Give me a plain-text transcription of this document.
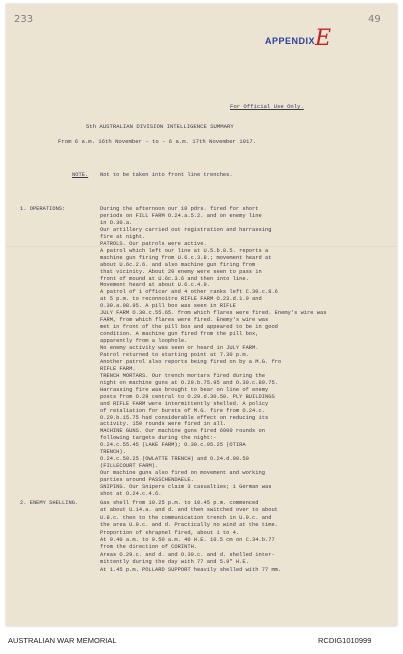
233	49
APPENDIX E
For Official Use Only.
5th AUSTRALIAN DIVISION INTELLIGENCE SUMMARY
From 6 a.m. 16th November - to - 6 a.m. 17th November 1917.
NOTE. Not to be taken into front line trenches.
1. OPERATIONS:	During the afternoon our 18 pdrs. fired for short
periods on FILL FARM O.24.a.5.2. and on enemy line
in O.30.a.
Our artillery carried out registration and harrassing
fire at night.
PATROLS. Our patrols were active.
A patrol which left our line at U.5.b.8.5. reports a
machine gun firing from U.6.c.3.8.; movement heard at
about U.6c.2.6. and also machine gun firing from
that vicinity. About 20 enemy were seen to pass in
front of mound at U.6c.3.6 and then into line.
Movement heard at about U.6.c.4.9.
A patrol of 1 officer and 4 other ranks left C.30.c.8.6
at 5 p.m. to reconnoitre RIFLE FARM O.23.d.1.9 and
O.30.a.08.95. A pill box was seen in RIFLE
JULY FARM O.30.c.55.65. from which flares were fired. Enemy's wire was
FARM, from which flares were fired. Enemy's wire was
met in front of the pill box and appeared to be in good
condition. A machine gun fired from the pill box,
apparently from a loophole.
No enemy activity was seen or heard in JULY FARM.
Patrol returned to starting point at 7.30 p.m.
Another patrol also reports being fired on by a M.G. fro
RIFLE FARM.
TRENCH MORTARS. Our trench mortars fired during the
night on machine guns at O.29.b.75.95 and O.30.c.80.75.
Harrassing fire was brought to bear on line of enemy
posts from O.29 central to O.29.d.30.50. PLY BUILDINGS
and RIFLE FARM were intermittently shelled. A policy
of retaliation for bursts of M.G. fire from O.24.c.
O.29.b.15.75 had considerable effect on reducing its
activity. 150 rounds were fired in all.
MACHINE GUNS. Our machine guns fired 6000 rounds on
following targets during the night:-
O.24.c.55.45 (LAKE FARM); O.30.c.95.25 (OTIRA
TRENCH).
O.24.c.50.25 (OWLATTE TRENCH) and O.24.d.00.50
(FILLECOURT FARM).
Our machine guns also fired on movement and working
parties around PASSCHENDAELE.
SNIPING. Our Snipers claim 3 casualties; 1 German was
shot at O.24.c.4.6.
2. ENEMY SHELLING.	Gas shell from 10.25 p.m. to 10.45 p.m. commenced
at about U.14.a. and d. and then switched over to about
U.8.c. then to the communication trench in U.9.c. and
the area U.9.c. and d. Practically no wind at the time.
Proportion of shrapnel fired, about 1 to 4.
At 9.40 a.m. to 9.50 a.m. 40 H.E. 10.5 cm on C.34.b.77
from the direction of CORINTH.
Areas O.29.c. and d. and O.30.c. and d. shelled inter-
mittently during the day with 77 and 5.9" H.E.
At 1.45 p.m. POLLARD SUPPORT heavily shelled with 77 mm.
AUSTRALIAN WAR MEMORIAL	RCDIG1010999
